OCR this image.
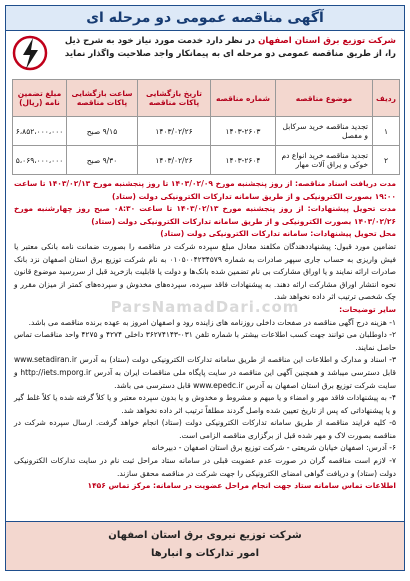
آگهی مناقصه عمومی دو مرحله ای
شرکت توزیع برق استان اصفهان در نظر دارد خدمت مورد نیاز خود به شرح ذیل را، از طریق مناقصه عمومی دو مرحله ای به پیمانکار واجد صلاحیت واگذار نماید
ردیف	موضوع مناقصه	شماره مناقصه	تاریخ بازگشایی پاکات مناقصه	ساعت بازگشایی پاکات مناقصه	مبلغ تضمین نامه (ریال)
۱	تجدید مناقصه خرید سرکابل و مفصل	۱۴۰۳-۲۶۰۳	۱۴۰۳/۰۲/۲۶	۹/۱۵ صبح	۶،۸۵۲،۰۰۰،۰۰۰
۲	تجدید مناقصه خرید انواع دم خوکی و یراق آلات مهار	۱۴۰۳-۲۶۰۴	۱۴۰۳/۰۲/۲۶	۹/۳۰ صبح	۵،۰۶۹،۰۰۰،۰۰۰

مدت دریافت اسناد مناقصه: از روز پنجشنبه مورخ ۱۴۰۳/۰۲/۰۹ تا روز پنجشنبه مورخ ۱۴۰۳/۰۲/۱۳ تا ساعت ۱۹:۰۰ بصورت الکترونیکی و از طریق سامانه تدارکات الکترونیکی دولت (ستاد)

مدت تحویل پیشنهادات: از روز پنجشنبه مورخ ۱۴۰۳/۰۲/۱۳ تا ساعت ۰۸:۳۰ صبح روز چهارشنبه مورخ ۱۴۰۳/۰۲/۲۶ بصورت الکترونیکی و از طریق سامانه تدارکات الکترونیکی دولت (ستاد)

محل تحویل پیشنهادات: سامانه تدارکات الکترونیکی دولت (ستاد)

تضامین مورد قبول: پیشنهاددهندگان مکلفند معادل مبلغ سپرده شرکت در مناقصه را بصورت ضمانت نامه بانکی معتبر یا فیش واریزی به حساب جاری سپهر صادرات به شماره ۰۱۰۵۰۰۴۲۳۴۵۷۹ به نام شرکت توزیع برق استان اصفهان نزد بانک صادرات ارائه نمایند و یا اوراق مشارکت بی نام تضمین شده بانک‌ها و دولت یا قابلیت بازخرید قبل از سررسید موضوع قانون نحوه انتشار اوراق مشارکت ارائه دهند. به پیشنهادات فاقد سپرده، سپرده‌های مخدوش و سپرده‌های کمتر از میزان مقرر و چک شخصی ترتیب اثر داده نخواهد شد.

سایر توضیحات:

۱- هزینه درج آگهی مناقصه در صفحات داخلی روزنامه های زاینده رود و اصفهان امروز به عهده برنده مناقصه می باشد.

۲- داوطلبان می توانند جهت کسب اطلاعات بیشتر با شماره تلفن ۰۳۱-۳۶۲۷۴۱۴۳ داخلی ۴۲۷۴ و ۴۲۷۵ واحد مناقصات تماس حاصل نمایند.

۳- اسناد و مدارک و اطلاعات این مناقصه از طریق سامانه تدارکات الکترونیکی دولت (ستاد) به آدرس www.setadiran.ir قابل دسترسی میباشد و همچنین آگهی این مناقصه در سایت پایگاه ملی مناقصات ایران به آدرس http://iets.mporg.ir و سایت شرکت توزیع برق استان اصفهان به آدرس www.epedc.ir قابل دسترسی می باشد.

۴- به پیشنهادات فاقد مهر و امضاء و یا مبهم و مشروط و مخدوش و یا بدون سپرده معتبر و یا کلاً گرفته شده یا کلاً غلط گیر و یا پیشنهاداتی که پس از تاریخ تعیین شده واصل گردند مطلقاً ترتیب اثر داده نخواهد شد.

۵- کلیه فرایند مناقصه از طریق سامانه تدارکات الکترونیکی دولت (ستاد) انجام خواهد گرفت. ارسال سپرده شرکت در مناقصه بصورت لاک و مهر شده قبل از برگزاری مناقصه الزامی است.

۶- آدرس: اصفهان خیابان شریعتی - شرکت توزیع برق استان اصفهان - دبیرخانه

۷- لازم است مناقصه گران در صورت عدم عضویت قبلی در سامانه ستاد مراحل ثبت نام در سایت تدارکات الکترونیکی دولت (ستاد) و دریافت گواهی امضای الکترونیکی را جهت شرکت در مناقصه محقق سازند.

اطلاعات تماس سامانه ستاد جهت انجام مراحل عضویت در سامانه: مرکز تماس ۱۴۵۶

ParsNamadDari.com
شرکت توزیع نیروی برق استان اصفهان
امور تدارکات و انبارها
